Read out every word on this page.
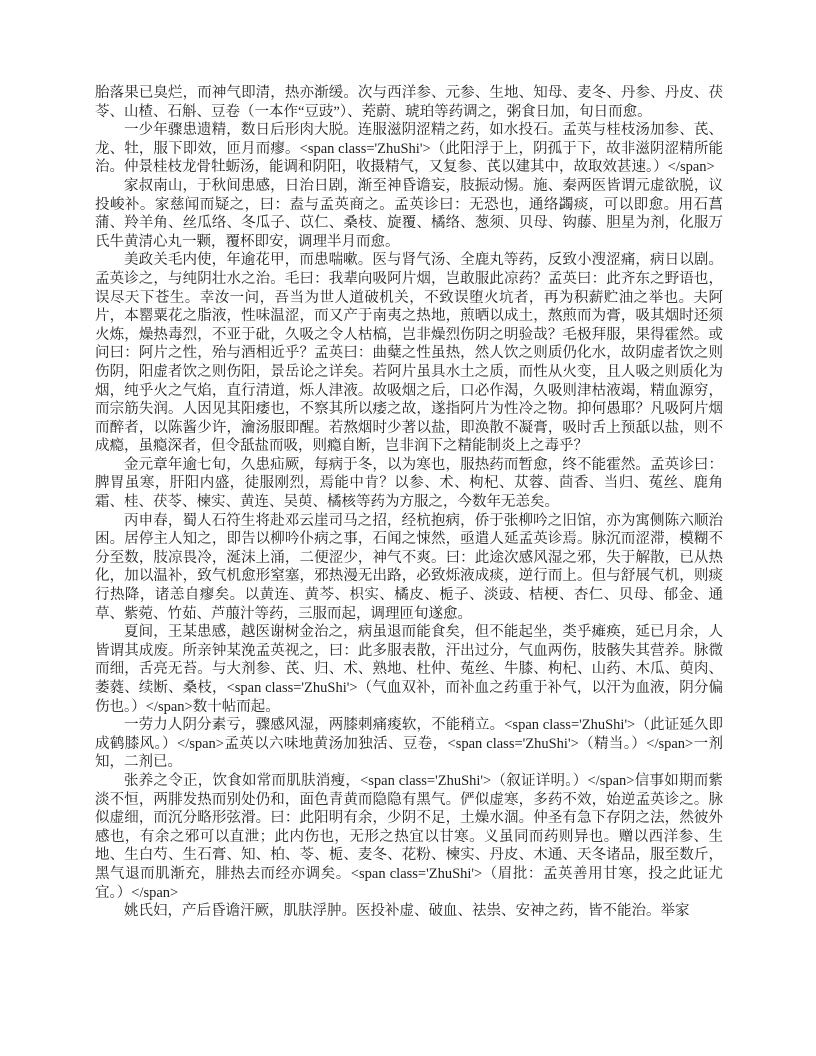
胎落果已臭烂，而神气即清，热亦渐缓。次与西洋参、元参、生地、知母、麦冬、丹参、丹皮、茯苓、山楂、石斛、豆卷（一本作“豆豉”）、茺蔚、琥珀等药调之，粥食日加，旬日而愈。

一少年骤患遗精，数日后形肉大脱。连服滋阴涩精之药，如水投石。孟英与桂枝汤加参、芪、龙、牡，服下即效，匝月而瘳。<span class='ZhuShi'>（此阳浮于上，阴孤于下，故非滋阴涩精所能治。仲景桂枝龙骨牡蛎汤，能调和阴阳，收摄精气，又复参、芪以建其中，故取效甚速。）</span>

家叔南山，于秋间患感，日治日剧，渐至神昏谵妄，肢振动惕。施、秦两医皆谓元虚欲脱，议投峻补。家慈闻而疑之，曰：盍与孟英商之。孟英诊曰：无恐也，通络蠲痰，可以即愈。用石菖蒲、羚羊角、丝瓜络、冬瓜子、苡仁、桑枝、旋覆、橘络、葱须、贝母、钩藤、胆星为剂，化服万氏牛黄清心丸一颗，覆杯即安，调理半月而愈。

美政关毛内使，年逾花甲，而患喘嗽。医与肾气汤、全鹿丸等药，反致小溲涩痛，病日以剧。孟英诊之，与纯阴壮水之治。毛曰：我辈向吸阿片烟，岂敢服此凉药？孟英曰：此齐东之野语也，误尽天下苍生。幸汝一问，吾当为世人道破机关，不致误堕火坑者，再为积薪贮油之举也。夫阿片，本罂粟花之脂液，性味温涩，而又产于南夷之热地，煎晒以成土，熬煎而为膏，吸其烟时还须火炼，燥热毒烈，不亚于砒，久吸之令人枯槁，岂非燥烈伤阴之明验哉？毛极拜服，果得霍然。或问曰：阿片之性，殆与酒相近乎？孟英曰：曲糵之性虽热，然人饮之则质仍化水，故阴虚者饮之则伤阴，阳虚者饮之则伤阳，景岳论之详矣。若阿片虽具水土之质，而性从火变，且人吸之则质化为烟，纯乎火之气焰，直行清道，烁人津液。故吸烟之后，口必作渴，久吸则津枯液竭，精血源穷，而宗筋失润。人因见其阳痿也，不察其所以痿之故，遂指阿片为性冷之物。抑何愚耶？凡吸阿片烟而醉者，以陈酱少许，瀹汤服即醒。若熬烟时少著以盐，即涣散不凝膏，吸时舌上预舐以盐，则不成瘾，虽瘾深者，但令舐盐而吸，则瘾自断，岂非润下之精能制炎上之毒乎？

金元章年逾七旬，久患疝厥，每病于冬，以为寒也，服热药而暂愈，终不能霍然。孟英诊曰：脾胃虽寒，肝阳内盛，徒服刚烈，焉能中肯？以参、术、枸杞、苁蓉、茴香、当归、菟丝、鹿角霜、桂、茯苓、楝实、黄连、吴萸、橘核等药为方服之，今数年无恙矣。

丙申春，蜀人石符生将赴邓云崖司马之招，经杭抱病，侨于张柳吟之旧馆，亦为寓侧陈六顺治困。居停主人知之，即告以柳吟仆病之事，石闻之悚然，亟遣人延孟英诊焉。脉沉而涩滞，模糊不分至数，肢凉畏冷，涎沫上涌，二便涩少，神气不爽。曰：此途次感风湿之邪，失于解散，已从热化，加以温补，致气机愈形窒塞，邪热漫无出路，必致烁液成痰，逆行而上。但与舒展气机，则痰行热降，诸恙自瘳矣。以黄连、黄芩、枳实、橘皮、栀子、淡豉、桔梗、杏仁、贝母、郁金、通草、紫菀、竹茹、芦菔汁等药，三服而起，调理匝旬遂愈。

夏间，王某患感，越医谢树金治之，病虽退而能食矣，但不能起坐，类乎瘫痪，延已月余，人皆谓其成废。所亲钟某浼孟英视之，曰：此多服表散，汗出过分，气血两伤，肢骸失其营养。脉微而细，舌亮无苔。与大剂参、芪、归、术、熟地、杜仲、菟丝、牛膝、枸杞、山药、木瓜、萸肉、萎蕤、续断、桑枝，<span class='ZhuShi'>（气血双补，而补血之药重于补气，以汗为血液，阴分偏伤也。）</span>数十帖而起。

一劳力人阴分素亏，骤感风湿，两膝刺痛痠软，不能稍立。<span class='ZhuShi'>（此证延久即成鹤膝风。）</span>孟英以六味地黄汤加独活、豆卷，<span class='ZhuShi'>（精当。）</span>一剂知，二剂已。

张养之令正，饮食如常而肌肤消瘦，<span class='ZhuShi'>（叙证详明。）</span>信事如期而紫淡不恒，两腓发热而别处仍和，面色青黄而隐隐有黑气。俨似虚寒，多药不效，始逆孟英诊之。脉似虚细，而沉分略形弦滑。曰：此阳明有余，少阴不足，土燥水涸。仲圣有急下存阴之法，然彼外感也，有余之邪可以直泄；此内伤也，无形之热宜以甘寒。义虽同而药则异也。赠以西洋参、生地、生白芍、生石膏、知、柏、苓、栀、麦冬、花粉、楝实、丹皮、木通、天冬诸品，服至数斤，黑气退而肌渐充，腓热去而经亦调矣。<span class='ZhuShi'>（眉批：孟英善用甘寒，投之此证尤宜。）</span>

姚氏妇，产后昏谵汗厥，肌肤浮肿。医投补虚、破血、祛祟、安神之药，皆不能治。举家
